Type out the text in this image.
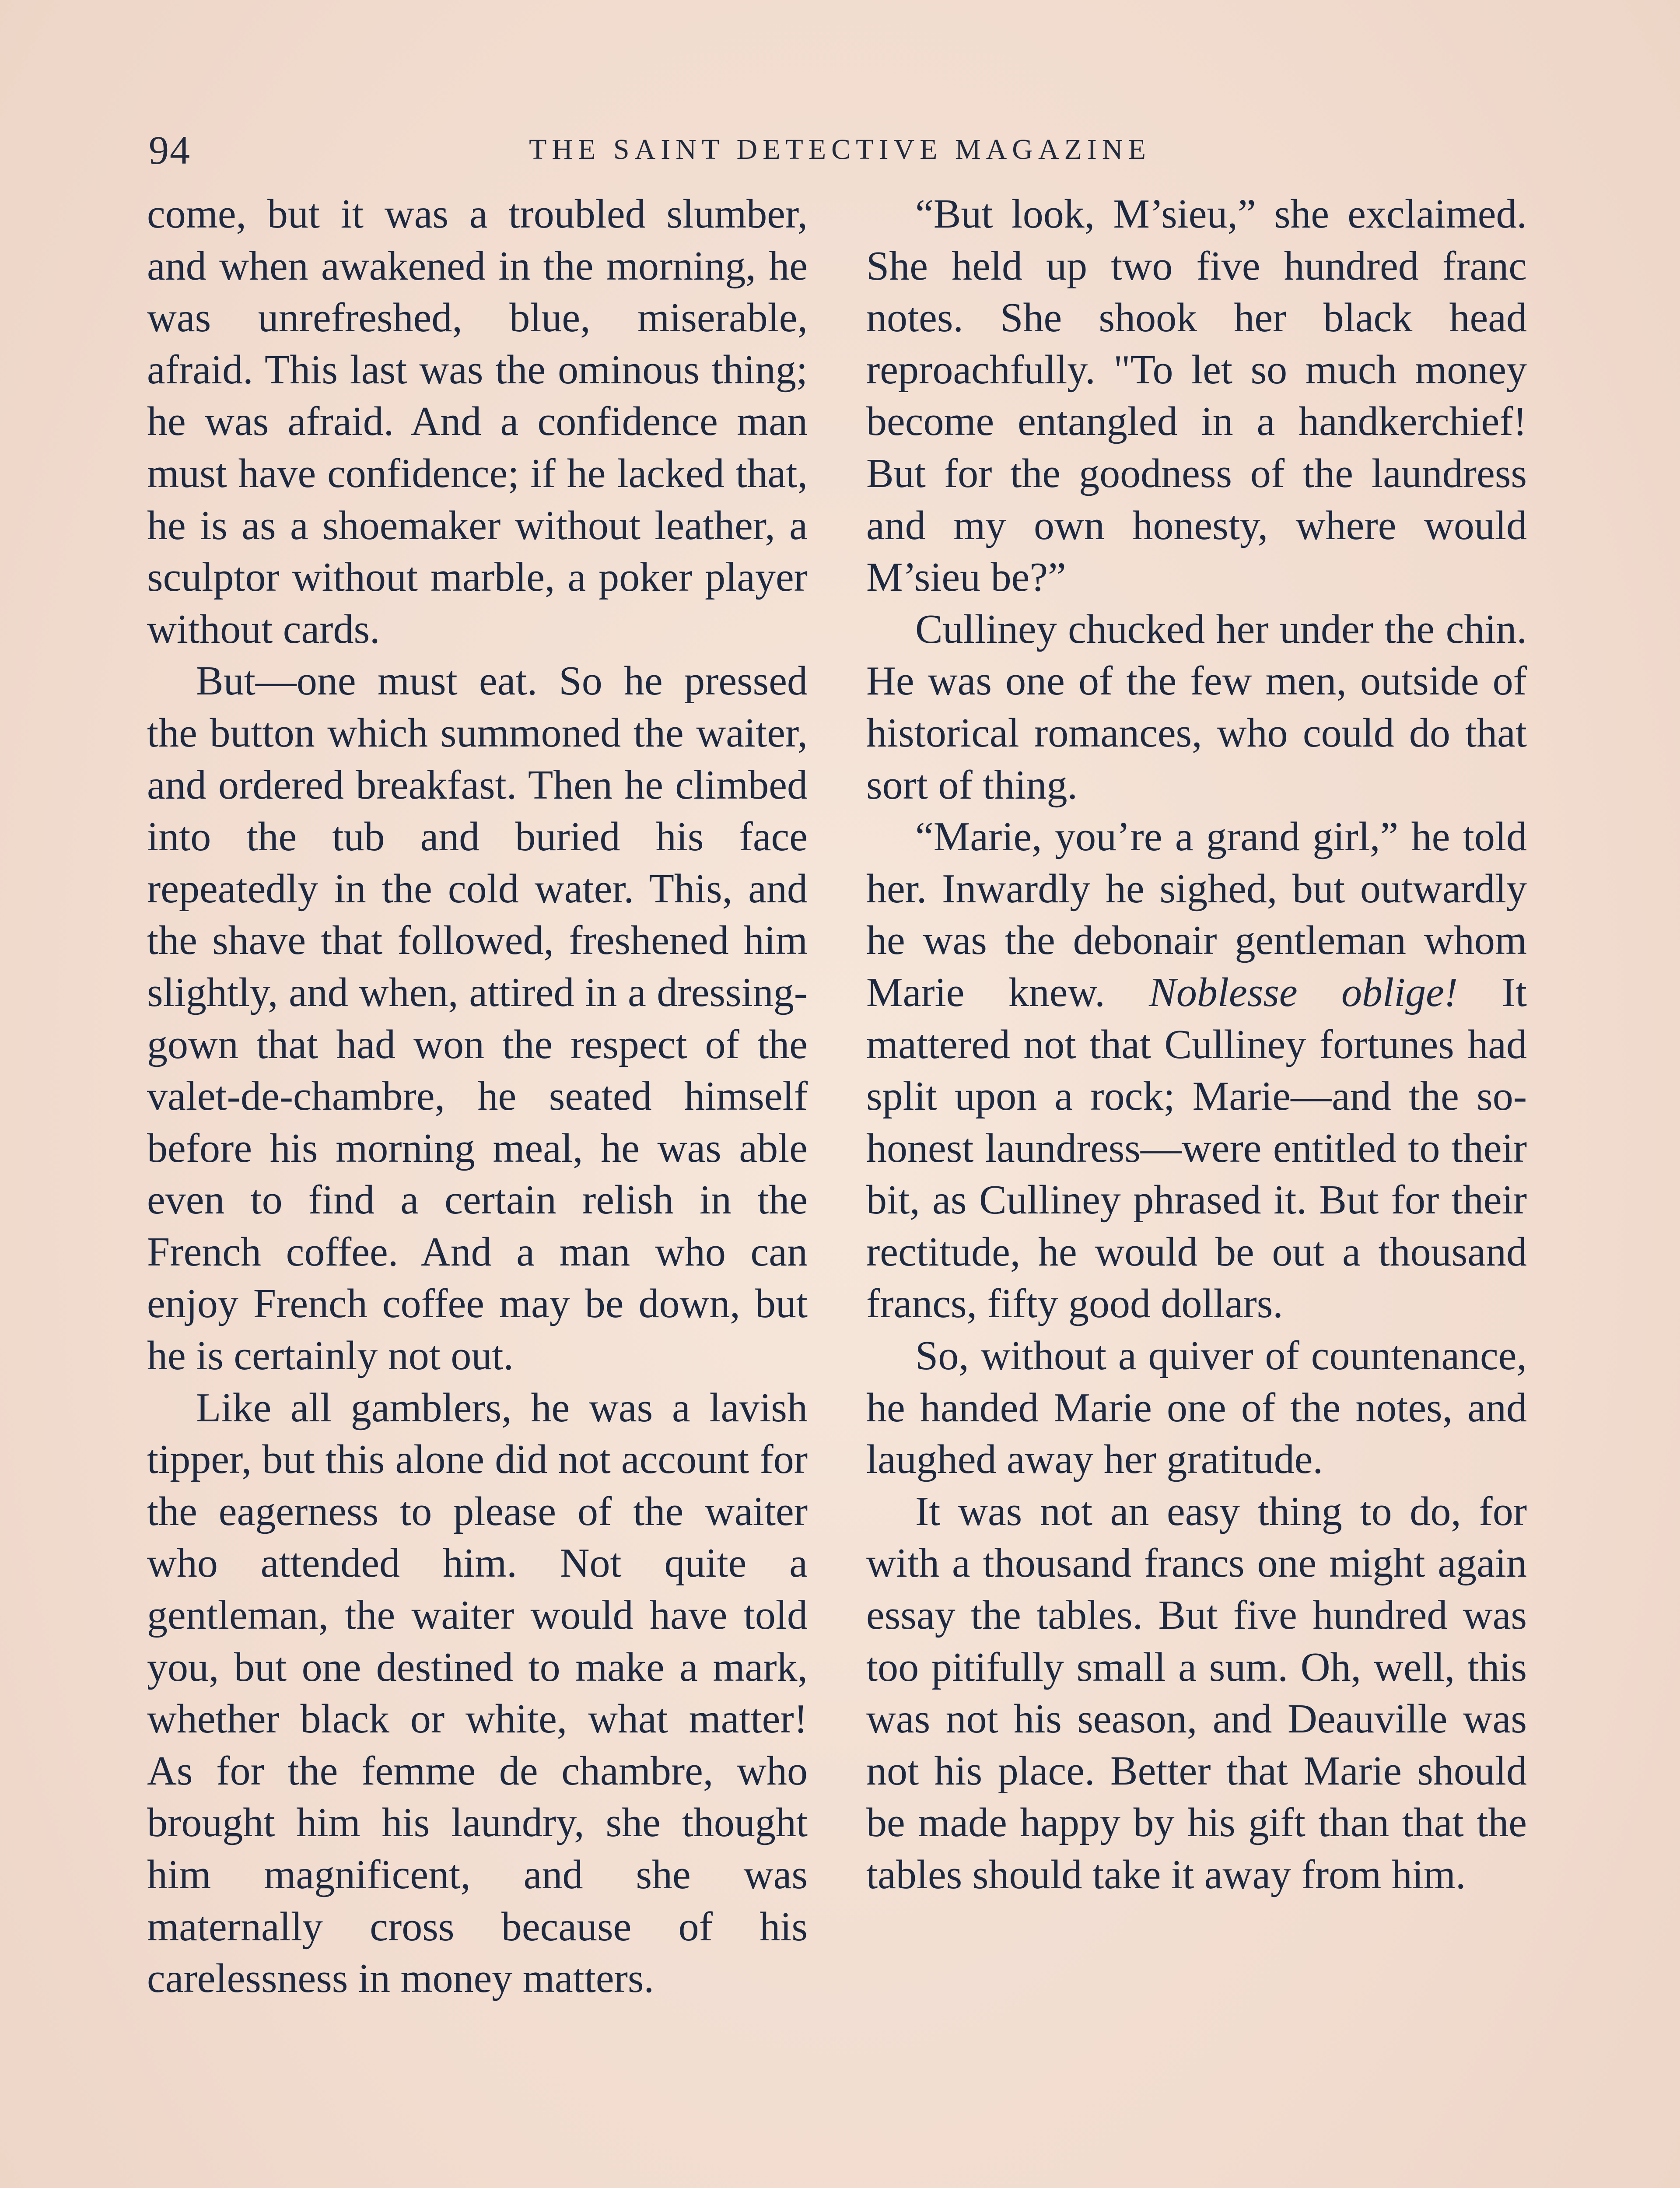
94	THE SAINT DETECTIVE MAGAZINE

come, but it was a troubled slumber, and when awakened in the morning, he was unrefreshed, blue, miserable, afraid. This last was the ominous thing; he was afraid. And a confidence man must have confidence; if he lacked that, he is as a shoemaker without leather, a sculptor without marble, a poker player without cards.

But—one must eat. So he pressed the button which summoned the waiter, and ordered breakfast. Then he climbed into the tub and buried his face repeatedly in the cold water. This, and the shave that followed, freshened him slightly, and when, attired in a dressing-gown that had won the respect of the valet-de-chambre, he seated himself before his morning meal, he was able even to find a certain relish in the French coffee. And a man who can enjoy French coffee may be down, but he is certainly not out.

Like all gamblers, he was a lavish tipper, but this alone did not account for the eagerness to please of the waiter who attended him. Not quite a gentleman, the waiter would have told you, but one destined to make a mark, whether black or white, what matter! As for the femme de chambre, who brought him his laundry, she thought him magnificent, and she was maternally cross because of his carelessness in money matters.

“But look, M’sieu,” she exclaimed. She held up two five hundred franc notes. She shook her black head reproachfully. "To let so much money become entangled in a handkerchief! But for the goodness of the laundress and my own honesty, where would M’sieu be?”

Culliney chucked her under the chin. He was one of the few men, outside of historical romances, who could do that sort of thing.

“Marie, you’re a grand girl,” he told her. Inwardly he sighed, but outwardly he was the debonair gentleman whom Marie knew. Noblesse oblige! It mattered not that Culliney fortunes had split upon a rock; Marie—and the so-honest laundress—were entitled to their bit, as Culliney phrased it. But for their rectitude, he would be out a thousand francs, fifty good dollars.

So, without a quiver of countenance, he handed Marie one of the notes, and laughed away her gratitude.

It was not an easy thing to do, for with a thousand francs one might again essay the tables. But five hundred was too pitifully small a sum. Oh, well, this was not his season, and Deauville was not his place. Better that Marie should be made happy by his gift than that the tables should take it away from him.
